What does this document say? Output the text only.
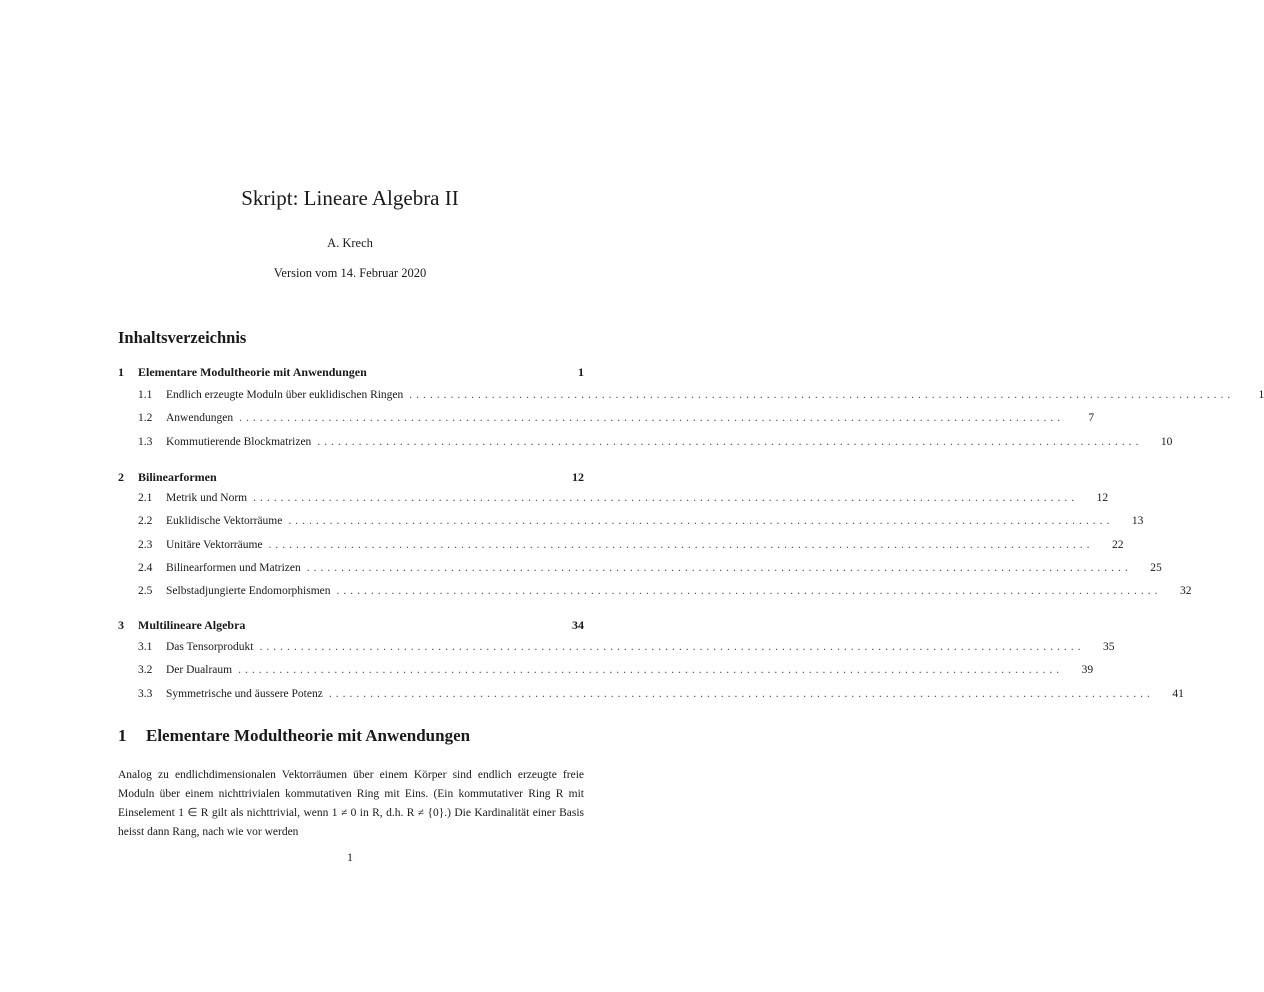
Skript: Lineare Algebra II
A. Krech
Version vom 14. Februar 2020
Inhaltsverzeichnis
1	Elementare Modultheorie mit Anwendungen	1
1.1	Endlich erzeugte Moduln über euklidischen Ringen ........................................................................................................................	1
1.2	Anwendungen ........................................................................................................................	7
1.3	Kommutierende Blockmatrizen ........................................................................................................................	10
2	Bilinearformen	12
2.1	Metrik und Norm ........................................................................................................................	12
2.2	Euklidische Vektorräume ........................................................................................................................	13
2.3	Unitäre Vektorräume ........................................................................................................................	22
2.4	Bilinearformen und Matrizen ........................................................................................................................	25
2.5	Selbstadjungierte Endomorphismen ........................................................................................................................	32
3	Multilineare Algebra	34
3.1	Das Tensorprodukt ........................................................................................................................	35
3.2	Der Dualraum ........................................................................................................................	39
3.3	Symmetrische und äussere Potenz ........................................................................................................................	41
1 Elementare Modultheorie mit Anwendungen
Analog zu endlichdimensionalen Vektorräumen über einem Körper sind endlich erzeugte freie Moduln über einem nichttrivialen kommutativen Ring mit Eins. (Ein kommutativer Ring R mit Einselement 1 ∈ R gilt als nichttrivial, wenn 1 ≠ 0 in R, d.h. R ≠ {0}.) Die Kardinalität einer Basis heisst dann Rang, nach wie vor werden
1
